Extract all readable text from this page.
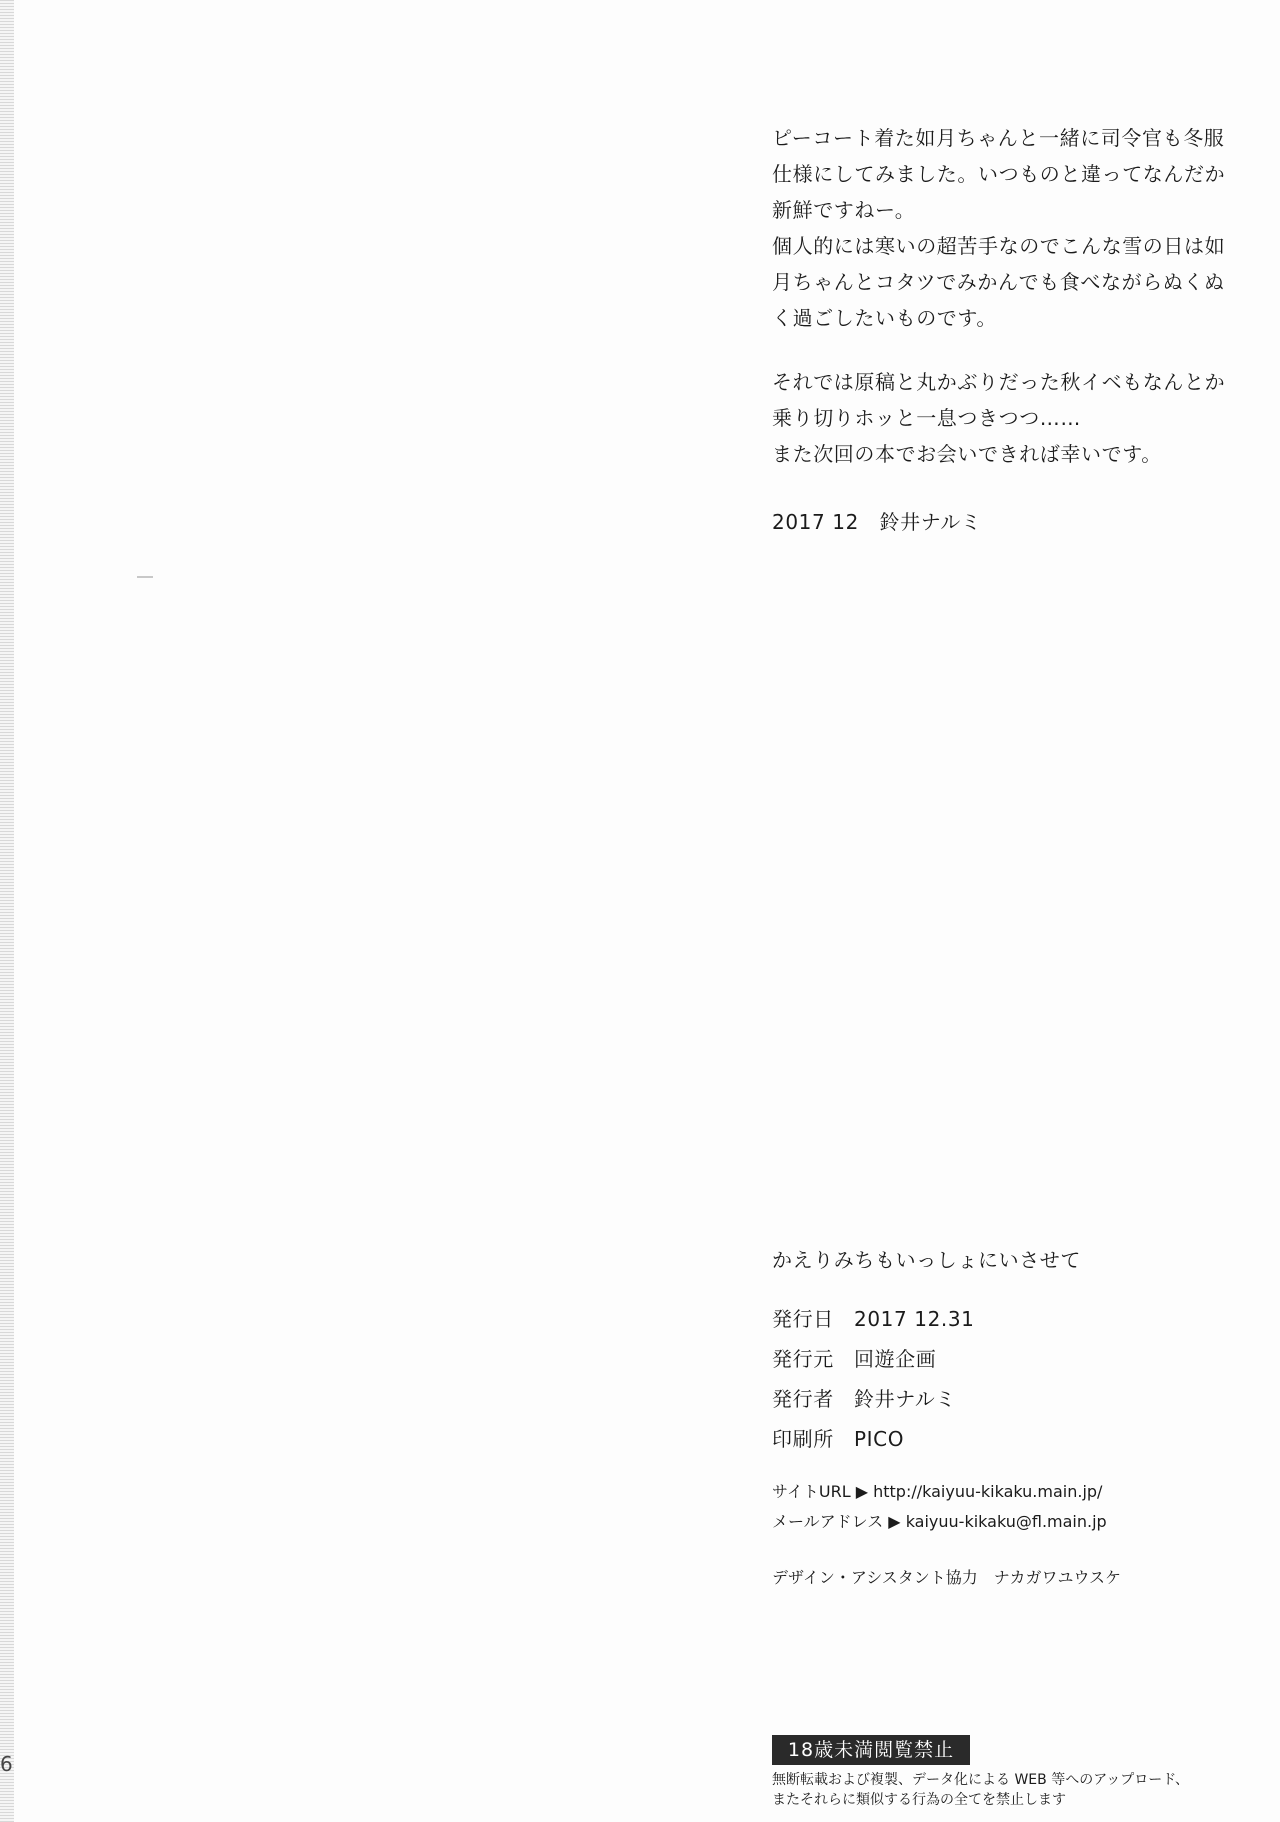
6

ピーコート着た如月ちゃんと一緒に司令官も冬服

仕様にしてみました。いつものと違ってなんだか

新鮮ですねー。

個人的には寒いの超苦手なのでこんな雪の日は如

月ちゃんとコタツでみかんでも食べながらぬくぬ

く過ごしたいものです。

それでは原稿と丸かぶりだった秋イベもなんとか

乗り切りホッと一息つきつつ……

また次回の本でお会いできれば幸いです。

2017 12　鈴井ナルミ
かえりみちもいっしょにいさせて
発行日 2017 12.31
発行元 回遊企画
発行者 鈴井ナルミ
印刷所 PICO
サイトURL ▶ http://kaiyuu-kikaku.main.jp/
メールアドレス ▶ kaiyuu-kikaku@fl.main.jp
デザイン・アシスタント協力　ナカガワユウスケ
18歳未満閲覧禁止

無断転載および複製、データ化による WEB 等へのアップロード、

またそれらに類似する行為の全てを禁止します
